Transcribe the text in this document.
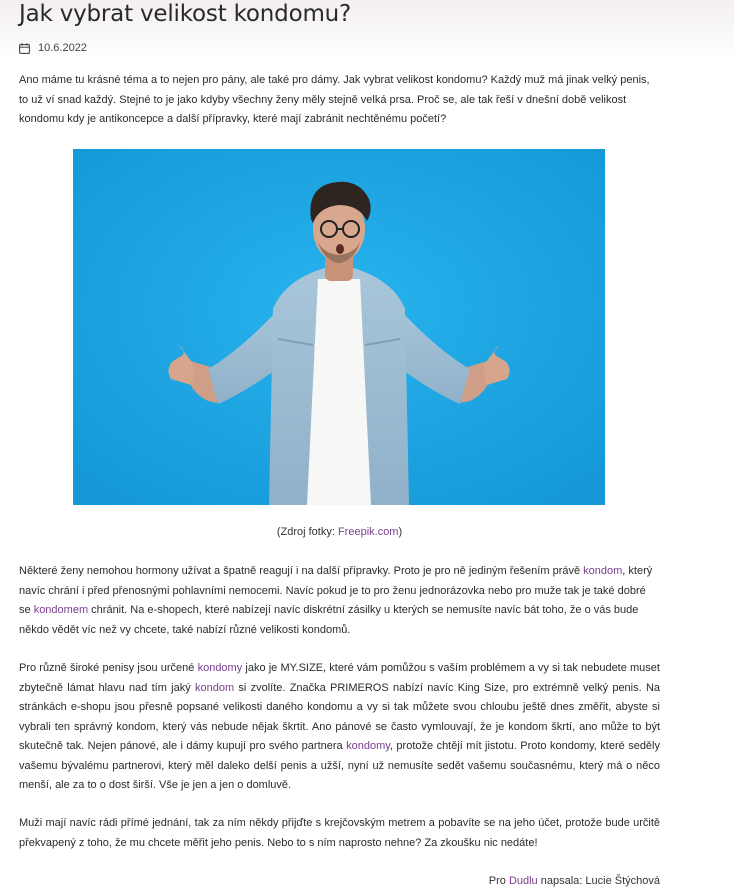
Jak vybrat velikost kondomu?
10.6.2022

Ano máme tu krásné téma a to nejen pro pány, ale také pro dámy. Jak vybrat velikost kondomu? Každý muž má jinak velký penis, to už ví snad každý. Stejné to je jako kdyby všechny ženy měly stejně velká prsa. Proč se, ale tak řeší v dnešní době velikost kondomu kdy je antikoncepce a další přípravky, které mají zabránit nechtěnému početí?

(Zdroj fotky: Freepik.com)

Některé ženy nemohou hormony užívat a špatně reagují i na další přípravky. Proto je pro ně jediným řešením právě kondom, který navíc chrání i před přenosnými pohlavními nemocemi. Navíc pokud je to pro ženu jednorázovka nebo pro muže tak je také dobré se kondomem chránit. Na e-shopech, které nabízejí navíc diskrétní zásilky u kterých se nemusíte navíc bát toho, že o vás bude někdo vědět víc než vy chcete, také nabízí různé velikosti kondomů.

Pro různě široké penisy jsou určené kondomy jako je MY.SIZE, které vám pomůžou s vaším problémem a vy si tak nebudete muset zbytečně lámat hlavu nad tím jaký kondom si zvolíte. Značka PRIMEROS nabízí navíc King Size, pro extrémně velký penis. Na stránkách e-shopu jsou přesně popsané velikosti daného kondomu a vy si tak můžete svou chloubu ještě dnes změřit, abyste si vybrali ten správný kondom, který vás nebude nějak škrtit. Ano pánové se často vymlouvají, že je kondom škrtí, ano může to být skutečně tak. Nejen pánové, ale i dámy kupují pro svého partnera kondomy, protože chtějí mít jistotu. Proto kondomy, které seděly vašemu bývalému partnerovi, který měl daleko delší penis a užší, nyní už nemusíte sedět vašemu současnému, který má o něco menší, ale za to o dost širší. Vše je jen a jen o domluvě.

Muži mají navíc rádi přímé jednání, tak za ním někdy přijďte s krejčovským metrem a pobavíte se na jeho účet, protože bude určitě překvapený z toho, že mu chcete měřit jeho penis. Nebo to s ním naprosto nehne? Za zkoušku nic nedáte!

Pro Dudlu napsala: Lucie Štýchová
